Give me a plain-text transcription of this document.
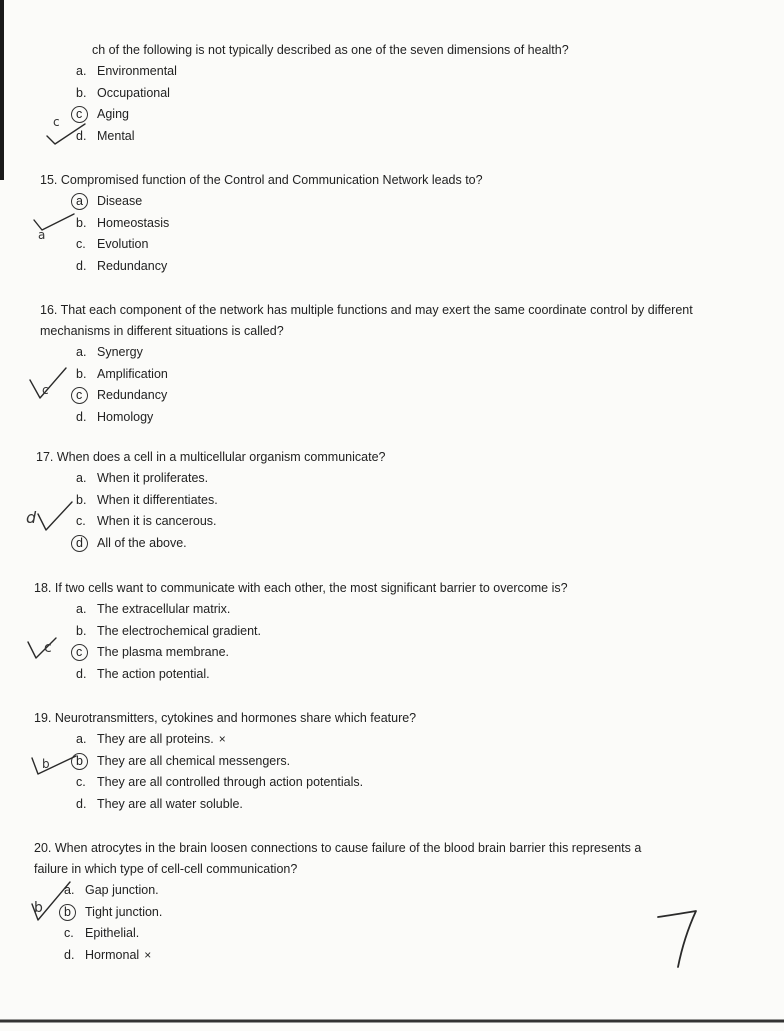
ch of the following is not typically described as one of the seven dimensions of health?

a. Environmental
b. Occupational
c	Aging
d. Mental
c

15. Compromised function of the Control and Communication Network leads to?

a	Disease
b. Homeostasis
c. Evolution
d. Redundancy
a

16. That each component of the network has multiple functions and may exert the same coordinate control by different mechanisms in different situations is called?

a. Synergy
b. Amplification
c	Redundancy
d. Homology
c

17. When does a cell in a multicellular organism communicate?

a. When it proliferates.
b. When it differentiates.
c. When it is cancerous.
d	All of the above.
d

18. If two cells want to communicate with each other, the most significant barrier to overcome is?

a. The extracellular matrix.
b. The electrochemical gradient.
c	The plasma membrane.
d. The action potential.
c

19. Neurotransmitters, cytokines and hormones share which feature?

a. They are all proteins. ×
b	They are all chemical messengers.
c. They are all controlled through action potentials.
d. They are all water soluble.
b

20. When atrocytes in the brain loosen connections to cause failure of the blood brain barrier this represents a failure in which type of cell-cell communication?

a. Gap junction.
b	Tight junction.
c. Epithelial.
d. Hormonal ×
b
